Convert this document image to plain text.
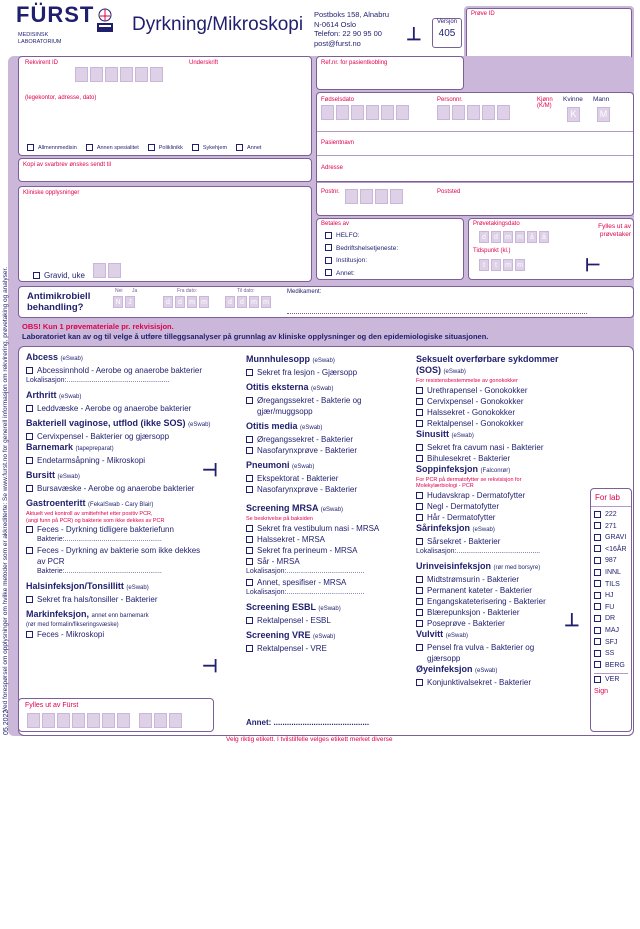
FÜRST
MEDISINSK
LABORATORIUM
Dyrkning/Mikroskopi Postboks 158, Alnabru
N-0614 Oslo
Telefon: 22 90 95 00
post@furst.no	⊥
Versjon
405
Prøve ID
Ved forespørsel om opplysninger om hvilke metoder som er akkrediterte: Se www.furst.no for generell informasjon om rekvirering, prøvetaking og analyser.
05.2022
Rekvirent ID	Underskrift
(legekontor, adresse, dato)
Allmennmedisin	Annen spesialitet	Poliklinikk	Sykehjem	Annet
Ref.nr. for pasientkobling
Fødselsdato	Personnr.	Kjønn (K/M)
Kvinne Mann
K	M
Pasientnavn
Adresse
Postnr.	Poststed
Kopi av svarbrev ønskes sendt til
Kliniske opplysninger
Gravid, uke
Betales av
HELFO:
Bedriftshelsetjeneste:
Institusjon:
Annet:
Prøvetakingsdato
d	d	m m	å	å
Tidspunkt (kl.)
t	t	m m
Fylles ut av prøvetaker
⊢
Antimikrobiell behandling?
Nei Ja
N	J
Fra dato:
d	d	m m
Til dato:
d	d	m m
Medikament:
OBS! Kun 1 prøvemateriale pr. rekvisisjon.
Laboratoriet kan av og til velge å utføre tilleggsanalyser på grunnlag av kliniske opplysninger og den epidemiologiske situasjonen.
Abcess (eSwab)
Abcessinnhold - Aerobe og anaerobe bakterier
Lokalisasjon:.....................................................
Arthritt (eSwab)
Leddvæske - Aerobe og anaerobe bakterier
Bakteriell vaginose, utflod (ikke SOS) (eSwab)
Cervixpensel - Bakterier og gjærsopp
Barnemark (tapepreparat)
Endetarmsåpning - Mikroskopi
Bursitt (eSwab)
Bursavæske - Aerobe og anaerobe bakterier
Gastroenteritt (FekalSwab - Cary Blair)
Aktuelt ved kontroll av smittefrihet etter positiv PCR,
(angi funn på PCR) og bakterie som ikke dekkes av PCR
Feces - Dyrkning tidligere bakteriefunn
Bakterie:..................................................
Feces - Dyrkning av bakterie som ikke dekkes av PCR
Bakterie:..................................................
Halsinfeksjon/Tonsillitt (eSwab)
Sekret fra hals/tonsiller - Bakterier
Markinfeksjon, annet enn barnemark
(rør med formalin/fikseringsvæske)
Feces - Mikroskopi
⊣
⊣
Munnhulesopp (eSwab)
Sekret fra lesjon - Gjærsopp
Otitis eksterna (eSwab)
Øregangssekret - Bakterie og gjær/muggsopp
Otitis media (eSwab)
Øregangssekret - Bakterier
Nasofarynxprøve - Bakterier
Pneumoni (eSwab)
Ekspektorat - Bakterier
Nasofarynxprøve - Bakterier
Screening MRSA (eSwab)
Se beskrivelse på baksiden
Sekret fra vestibulum nasi - MRSA
Halssekret - MRSA
Sekret fra perineum - MRSA
Sår - MRSA
Lokalisasjon:........................................
Annet, spesifiser - MRSA
Lokalisasjon:........................................
Screening ESBL (eSwab)
Rektalpensel - ESBL
Screening VRE (eSwab)
Rektalpensel - VRE
Seksuelt overførbare sykdommer (SOS) (eSwab)
For resistensbestemmelse av gonokokker
Urethrapensel - Gonokokker
Cervixpensel - Gonokokker
Halssekret - Gonokokker
Rektalpensel - Gonokokker
Sinusitt (eSwab)
Sekret fra cavum nasi - Bakterier
Bihulesekret - Bakterier
Soppinfeksjon (Falconrør)
For PCR på dermatofytter se rekvisisjon for
Molekylærbiologi - PCR
Hudavskrap - Dermatofytter
Negl - Dermatofytter
Hår - Dermatofytter
Sårinfeksjon (eSwab)
Sårsekret - Bakterier
Lokalisasjon:...........................................
Urinveisinfeksjon (rør med borsyre)
Midtstrømsurin - Bakterier
Permanent kateter - Bakterier
Engangskateterisering - Bakterier
Blærepunksjon - Bakterier
Poseprøve - Bakterier
Vulvitt (eSwab)
Pensel fra vulva - Bakterier og gjærsopp
Øyeinfeksjon (eSwab)
Konjunktivalsekret - Bakterier
⊥
For lab
222
271
GRAVI
<16ÅR
987
INNL
TILS
HJ
FU
DR
MAJ
SFJ
SS
BERG
VER
Sign
Fylles ut av Fürst
Annet: ...........................................
Velg riktig etikett. I tvilstilfelle velges etikett merket diverse
